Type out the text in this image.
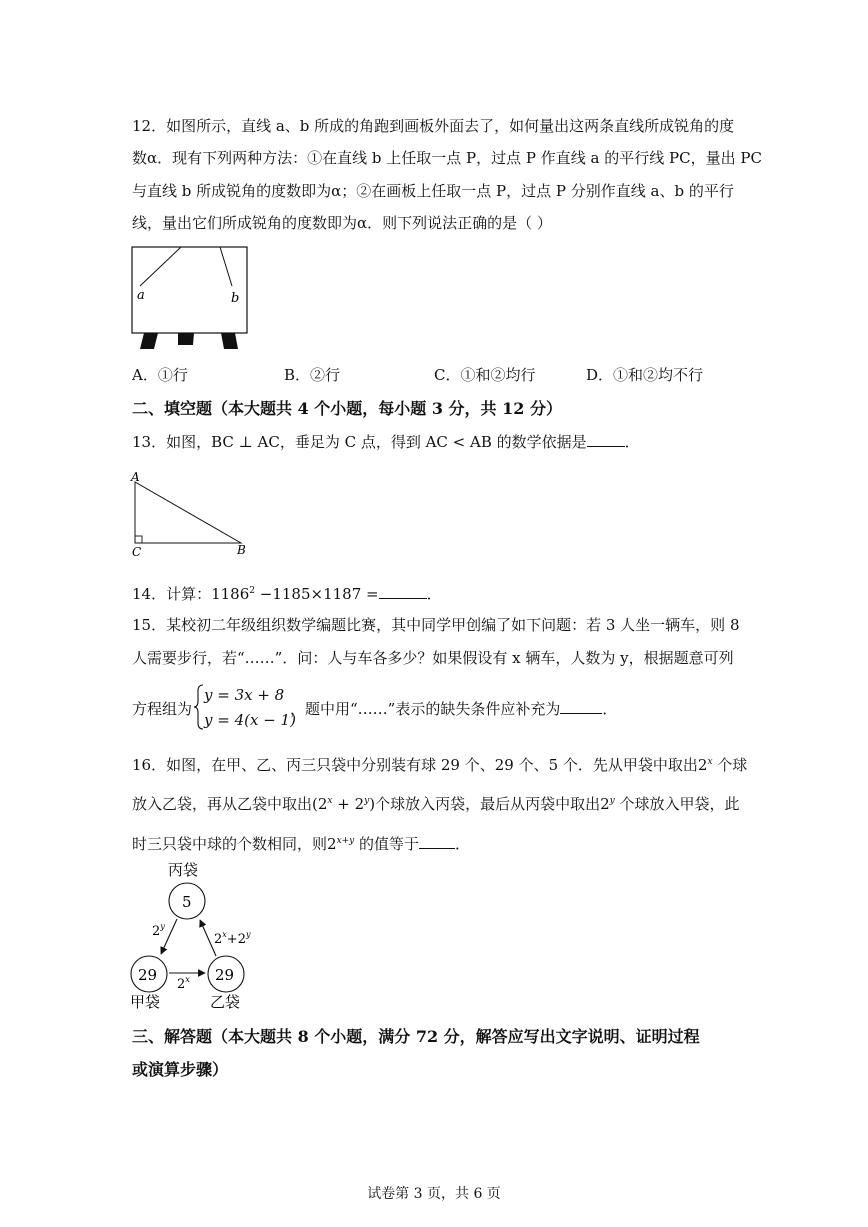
12．如图所示，直线 a、b 所成的角跑到画板外面去了，如何量出这两条直线所成锐角的度
数α．现有下列两种方法：①在直线 b 上任取一点 P，过点 P 作直线 a 的平行线 PC，量出 PC
与直线 b 所成锐角的度数即为α；②在画板上任取一点 P，过点 P 分别作直线 a、b 的平行
线，量出它们所成锐角的度数即为α．则下列说法正确的是（ ）
a	b
A．①行	B．②行	C．①和②均行	D．①和②均不行
二、填空题（本大题共 4 个小题，每小题 3 分，共 12 分）
13．如图，BC ⊥ AC，垂足为 C 点，得到 AC < AB 的数学依据是	．
A
C	B
14．计算：$1186^2 -1185\times 1187$ =	．
15．某校初二年级组织数学编题比赛，其中同学甲创编了如下问题：若 3 人坐一辆车，则 8
人需要步行，若“……”．问：人与车各多少？如果假设有 x 辆车，人数为 y，根据题意可列
方程组为
y = 3x + 8
y = 4(x − 1)
，题中用“……”表示的缺失条件应补充为	．
16．如图，在甲、乙、丙三只袋中分别装有球 29 个、29 个、5 个．先从甲袋中取出2$^x$ 个球
放入乙袋，再从乙袋中取出$(2^x + 2^y)$个球放入丙袋，最后从丙袋中取出2$^y$ 个球放入甲袋，此
时三只袋中球的个数相同，则$2^{x+y}$ 的值等于 ．
丙袋
5
29
甲袋
29
乙袋
2$^y$
$2^x+2^y$
2$^x$
三、解答题（本大题共 8 个小题，满分 72 分，解答应写出文字说明、证明过程
或演算步骤）
试卷第 3 页，共 6 页
